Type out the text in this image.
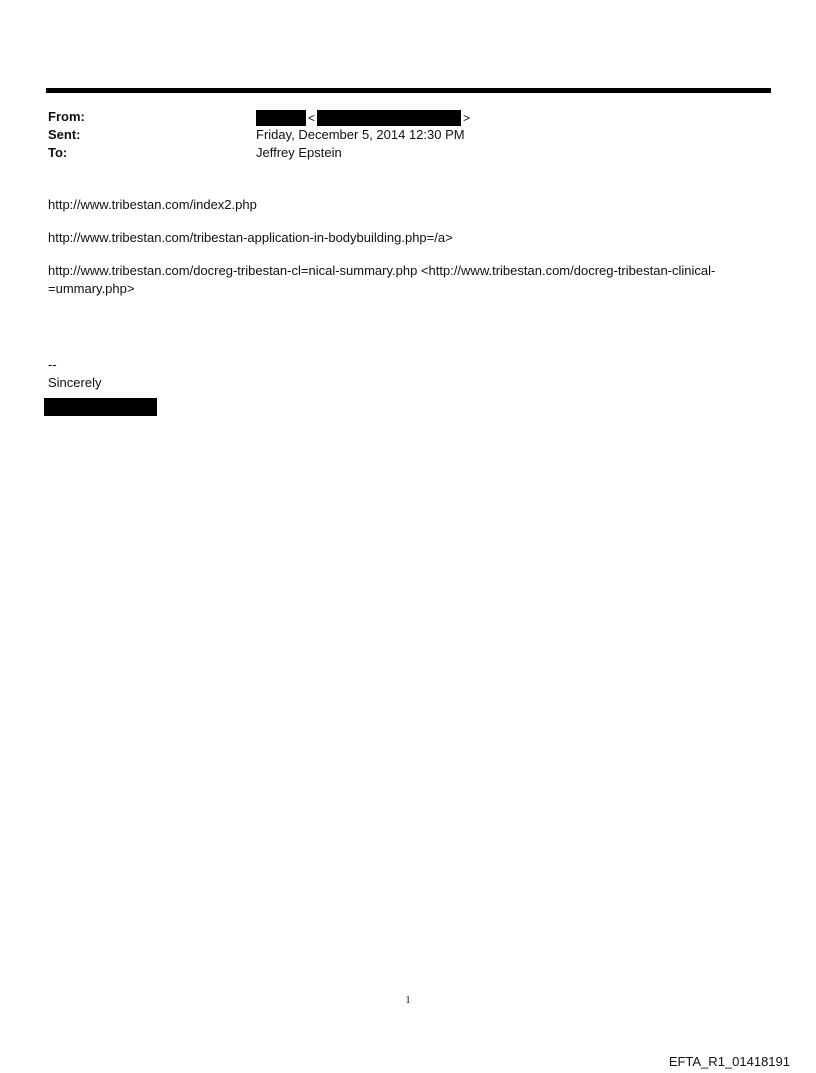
From:	<	>
Sent:	Friday, December 5, 2014 12:30 PM
To:	Jeffrey Epstein

http://www.tribestan.com/index2.php

http://www.tribestan.com/tribestan-application-in-bodybuilding.php=/a>

http://www.tribestan.com/docreg-tribestan-cl=nical-summary.php <http://www.tribestan.com/docreg-tribestan-clinical-=ummary.php>

--
Sincerely
1
EFTA_R1_01418191
